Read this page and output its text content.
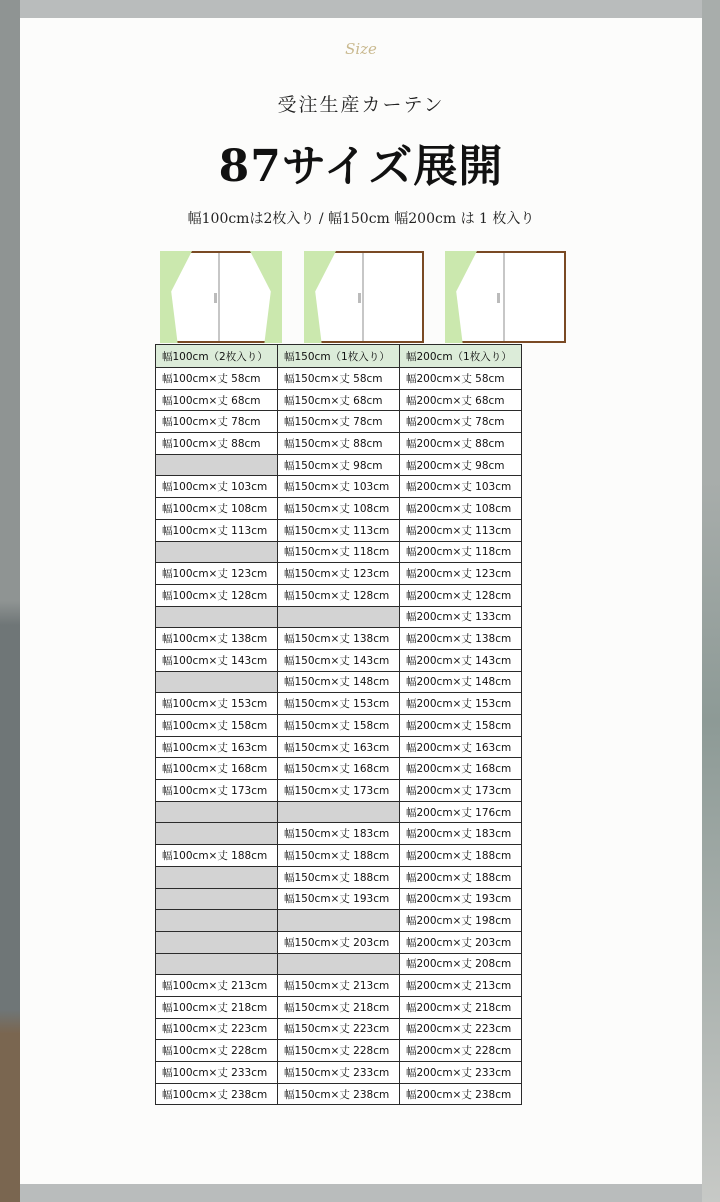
Size

受注生産カーテン
87サイズ展開

幅100cmは2枚入り / 幅150cm 幅200cm は 1 枚入り

幅100cm（2枚入り）	幅150cm（1枚入り）	幅200cm（1枚入り）
幅100cm×丈 58cm	幅150cm×丈 58cm	幅200cm×丈 58cm
幅100cm×丈 68cm	幅150cm×丈 68cm	幅200cm×丈 68cm
幅100cm×丈 78cm	幅150cm×丈 78cm	幅200cm×丈 78cm
幅100cm×丈 88cm	幅150cm×丈 88cm	幅200cm×丈 88cm
	幅150cm×丈 98cm	幅200cm×丈 98cm
幅100cm×丈 103cm	幅150cm×丈 103cm	幅200cm×丈 103cm
幅100cm×丈 108cm	幅150cm×丈 108cm	幅200cm×丈 108cm
幅100cm×丈 113cm	幅150cm×丈 113cm	幅200cm×丈 113cm
	幅150cm×丈 118cm	幅200cm×丈 118cm
幅100cm×丈 123cm	幅150cm×丈 123cm	幅200cm×丈 123cm
幅100cm×丈 128cm	幅150cm×丈 128cm	幅200cm×丈 128cm
		幅200cm×丈 133cm
幅100cm×丈 138cm	幅150cm×丈 138cm	幅200cm×丈 138cm
幅100cm×丈 143cm	幅150cm×丈 143cm	幅200cm×丈 143cm
	幅150cm×丈 148cm	幅200cm×丈 148cm
幅100cm×丈 153cm	幅150cm×丈 153cm	幅200cm×丈 153cm
幅100cm×丈 158cm	幅150cm×丈 158cm	幅200cm×丈 158cm
幅100cm×丈 163cm	幅150cm×丈 163cm	幅200cm×丈 163cm
幅100cm×丈 168cm	幅150cm×丈 168cm	幅200cm×丈 168cm
幅100cm×丈 173cm	幅150cm×丈 173cm	幅200cm×丈 173cm
		幅200cm×丈 176cm
	幅150cm×丈 183cm	幅200cm×丈 183cm
幅100cm×丈 188cm	幅150cm×丈 188cm	幅200cm×丈 188cm
	幅150cm×丈 188cm	幅200cm×丈 188cm
	幅150cm×丈 193cm	幅200cm×丈 193cm
		幅200cm×丈 198cm
	幅150cm×丈 203cm	幅200cm×丈 203cm
		幅200cm×丈 208cm
幅100cm×丈 213cm	幅150cm×丈 213cm	幅200cm×丈 213cm
幅100cm×丈 218cm	幅150cm×丈 218cm	幅200cm×丈 218cm
幅100cm×丈 223cm	幅150cm×丈 223cm	幅200cm×丈 223cm
幅100cm×丈 228cm	幅150cm×丈 228cm	幅200cm×丈 228cm
幅100cm×丈 233cm	幅150cm×丈 233cm	幅200cm×丈 233cm
幅100cm×丈 238cm	幅150cm×丈 238cm	幅200cm×丈 238cm
